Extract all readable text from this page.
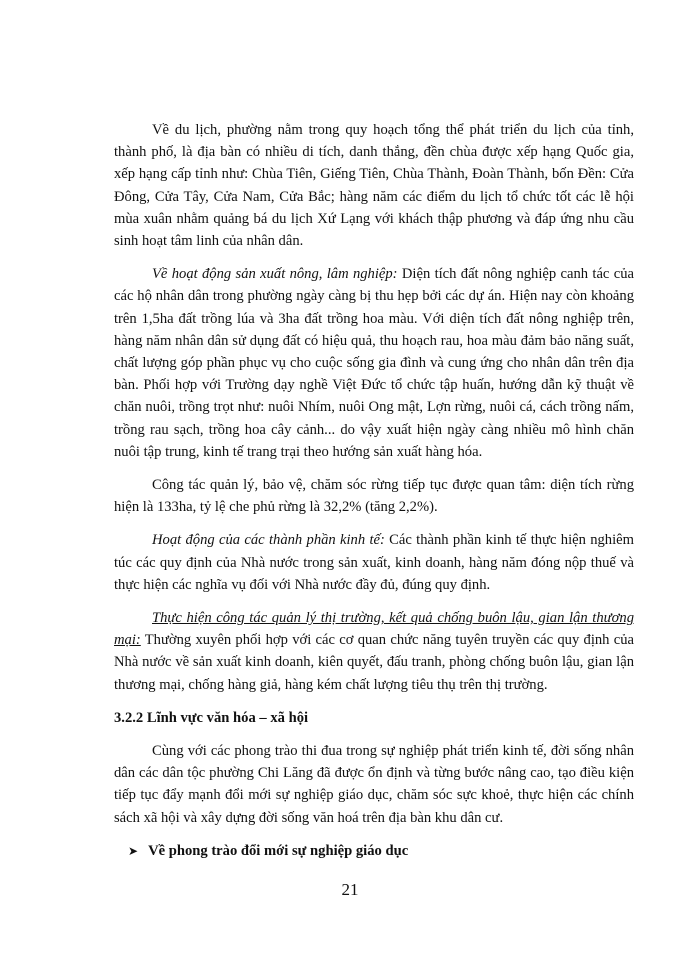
Về du lịch, phường nằm trong quy hoạch tổng thể phát triển du lịch của tỉnh, thành phố, là địa bàn có nhiều di tích, danh thắng, đền chùa được xếp hạng Quốc gia, xếp hạng cấp tỉnh như: Chùa Tiên, Giếng Tiên, Chùa Thành, Đoàn Thành, bốn Đền: Cửa Đông, Cửa Tây, Cửa Nam, Cửa Bắc; hàng năm các điểm du lịch tổ chức tốt các lễ hội mùa xuân nhằm quảng bá du lịch Xứ Lạng với khách thập phương và đáp ứng nhu cầu sinh hoạt tâm linh của nhân dân.

Về hoạt động sản xuất nông, lâm nghiệp: Diện tích đất nông nghiệp canh tác của các hộ nhân dân trong phường ngày càng bị thu hẹp bởi các dự án. Hiện nay còn khoảng trên 1,5ha đất trồng lúa và 3ha đất trồng hoa màu. Với diện tích đất nông nghiệp trên, hàng năm nhân dân sử dụng đất có hiệu quả, thu hoạch rau, hoa màu đảm bảo năng suất, chất lượng góp phần phục vụ cho cuộc sống gia đình và cung ứng cho nhân dân trên địa bàn. Phối hợp với Trường dạy nghề Việt Đức tổ chức tập huấn, hướng dẫn kỹ thuật về chăn nuôi, trồng trọt như: nuôi Nhím, nuôi Ong mật, Lợn rừng, nuôi cá, cách trồng nấm, trồng rau sạch, trồng hoa cây cảnh... do vậy xuất hiện ngày càng nhiều mô hình chăn nuôi tập trung, kinh tế trang trại theo hướng sản xuất hàng hóa.

Công tác quản lý, bảo vệ, chăm sóc rừng tiếp tục được quan tâm: diện tích rừng hiện là 133ha, tỷ lệ che phủ rừng là 32,2% (tăng 2,2%).

Hoạt động của các thành phần kinh tế: Các thành phần kinh tế thực hiện nghiêm túc các quy định của Nhà nước trong sản xuất, kinh doanh, hàng năm đóng nộp thuế và thực hiện các nghĩa vụ đối với Nhà nước đầy đủ, đúng quy định.

Thực hiện công tác quản lý thị trường, kết quả chống buôn lậu, gian lận thương mại: Thường xuyên phối hợp với các cơ quan chức năng tuyên truyền các quy định của Nhà nước về sản xuất kinh doanh, kiên quyết, đấu tranh, phòng chống buôn lậu, gian lận thương mại, chống hàng giả, hàng kém chất lượng tiêu thụ trên thị trường.

3.2.2 Lĩnh vực văn hóa – xã hội

Cùng với các phong trào thi đua trong sự nghiệp phát triển kinh tế, đời sống nhân dân các dân tộc phường Chi Lăng đã được ổn định và từng bước nâng cao, tạo điều kiện tiếp tục đẩy mạnh đổi mới sự nghiệp giáo dục, chăm sóc sực khoẻ, thực hiện các chính sách xã hội và xây dựng đời sống văn hoá trên địa bàn khu dân cư.

➤ Về phong trào đổi mới sự nghiệp giáo dục
21
